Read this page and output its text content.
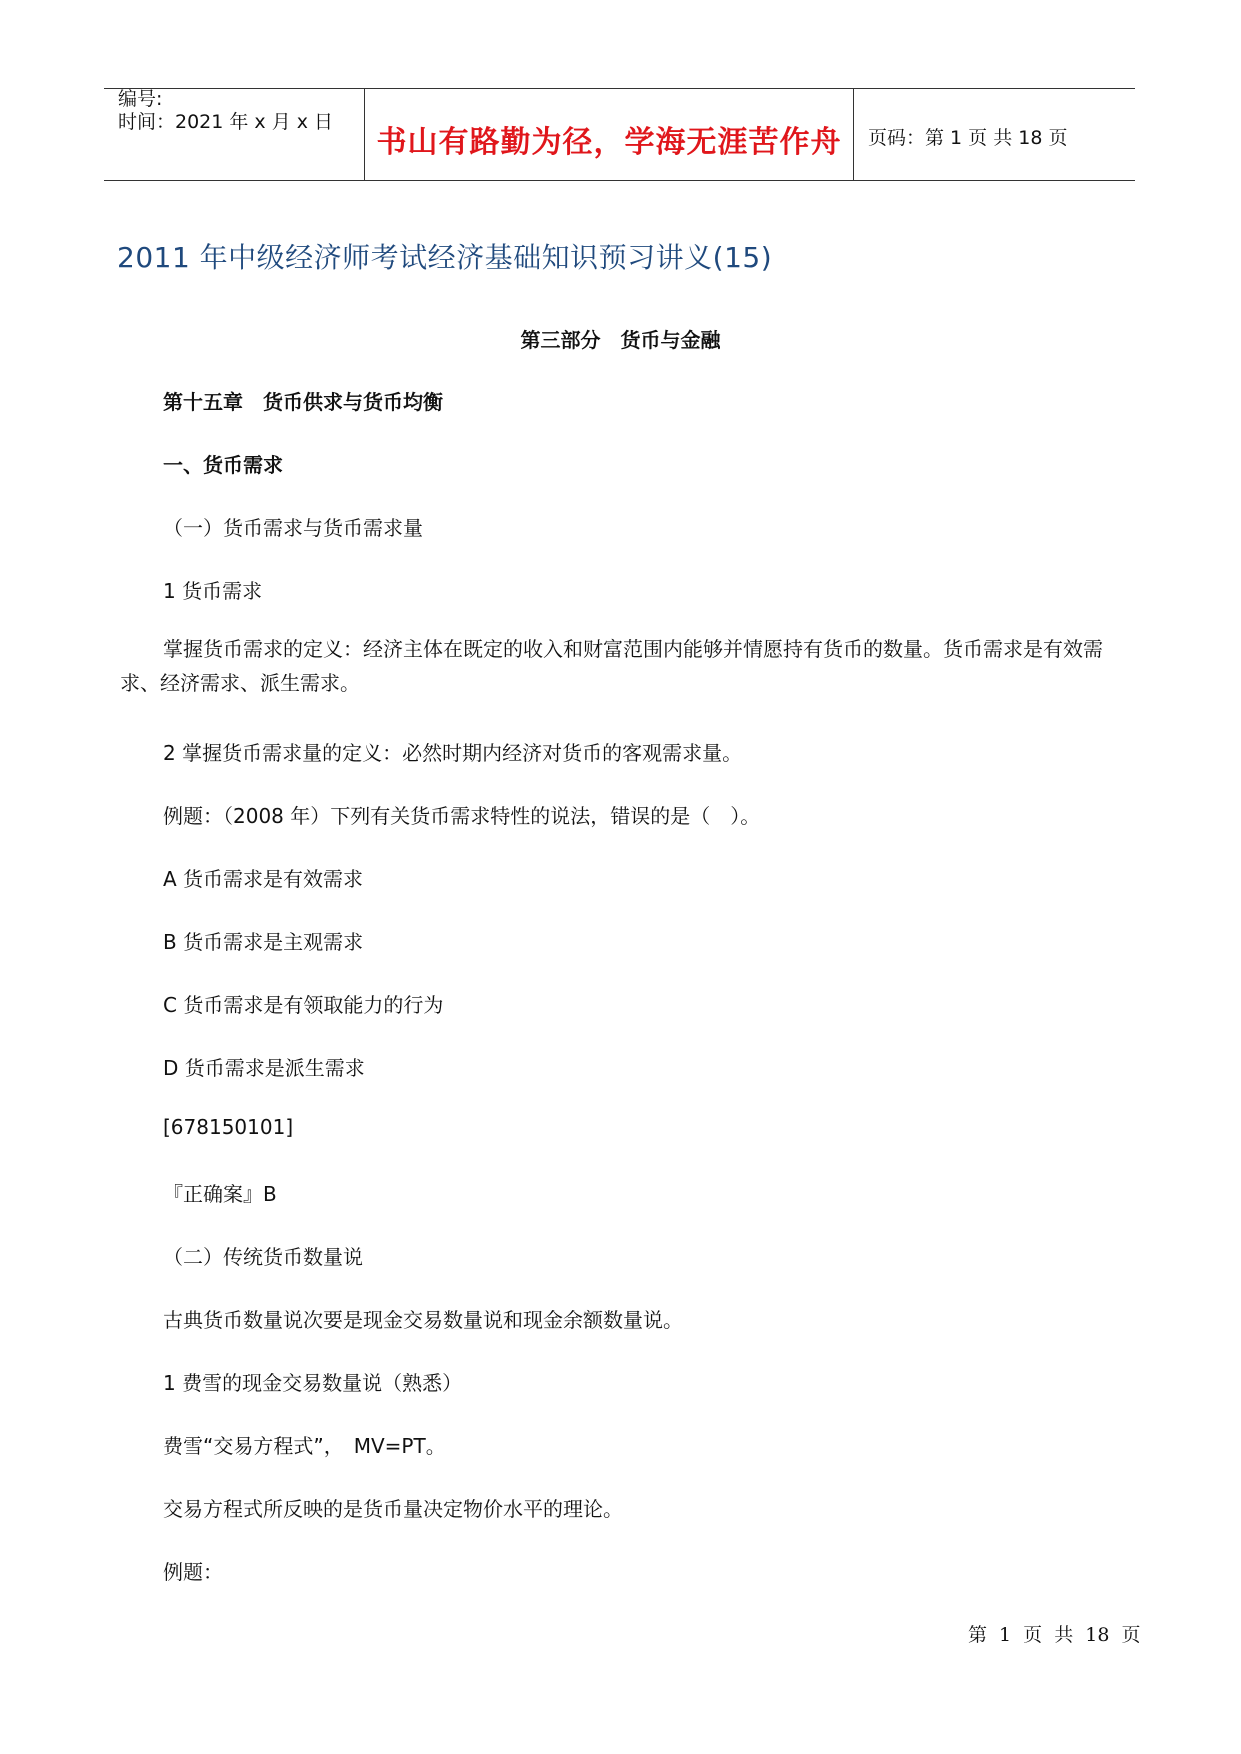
编号:
时间：2021 年 x 月 x 日
书山有路勤为径，学海无涯苦作舟	页码：第 1 页 共 18 页
2011 年中级经济师考试经济基础知识预习讲义(15)
第三部分　货币与金融
第十五章　货币供求与货币均衡
一、货币需求
（一）货币需求与货币需求量
1 货币需求
掌握货币需求的定义：经济主体在既定的收入和财富范围内能够并情愿持有货币的数量。货币需求是有效需求、经济需求、派生需求。
2 掌握货币需求量的定义：必然时期内经济对货币的客观需求量。
例题：（2008 年）下列有关货币需求特性的说法，错误的是（　）。
A 货币需求是有效需求
B 货币需求是主观需求
C 货币需求是有领取能力的行为
D 货币需求是派生需求
[678150101]
『正确案』B
（二）传统货币数量说
古典货币数量说次要是现金交易数量说和现金余额数量说。
1 费雪的现金交易数量说（熟悉）
费雪“交易方程式”，　MV=PT。
交易方程式所反映的是货币量决定物价水平的理论。
例题：
第 1 页 共 18 页
